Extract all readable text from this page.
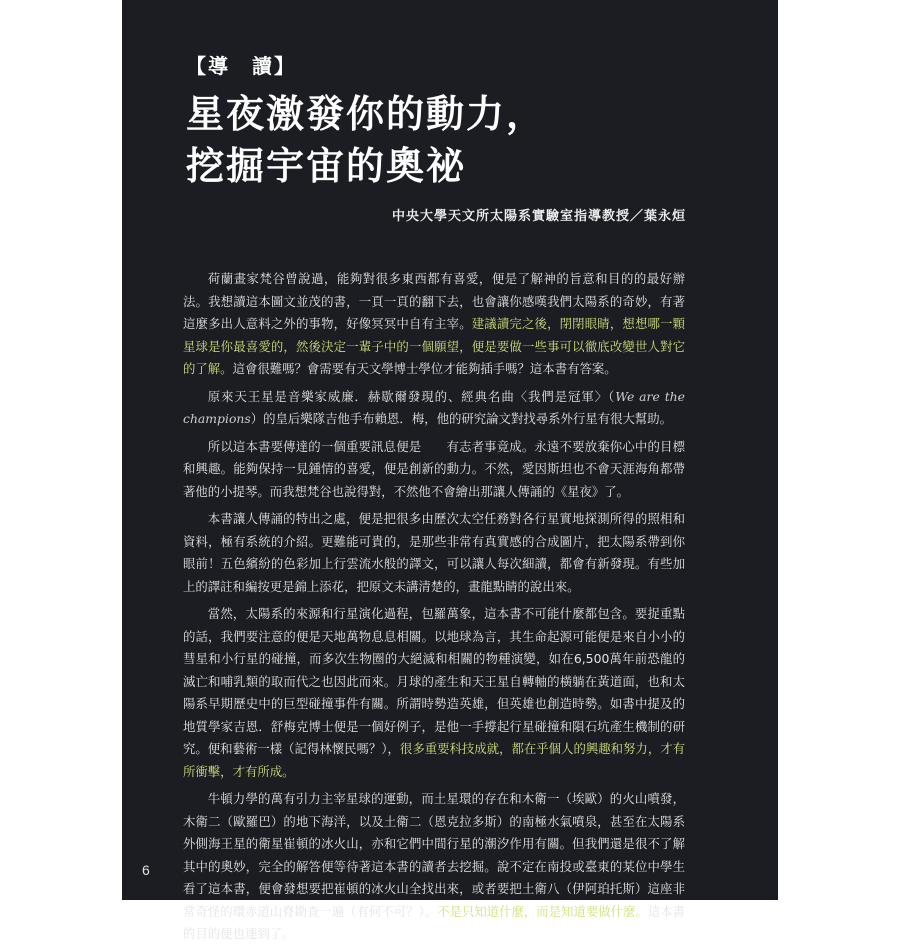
【導　讀】
星夜激發你的動力，
挖掘宇宙的奧祕
中央大學天文所太陽系實驗室指導教授／葉永烜

荷蘭畫家梵谷曾說過，能夠對很多東西都有喜愛，便是了解神的旨意和目的的最好辦法。我想讀這本圖文並茂的書，一頁一頁的翻下去，也會讓你感嘆我們太陽系的奇妙，有著這麼多出人意料之外的事物，好像冥冥中自有主宰。建議讀完之後，閉閉眼睛，想想哪一顆星球是你最喜愛的，然後決定一輩子中的一個願望，便是要做一些事可以徹底改變世人對它的了解。這會很難嗎？會需要有天文學博士學位才能夠插手嗎？這本書有答案。

原來天王星是音樂家威廉．赫歇爾發現的、經典名曲〈我們是冠軍〉（We are the champions）的皇后樂隊吉他手布賴恩．梅，他的研究論文對找尋系外行星有很大幫助。

所以這本書要傳達的一個重要訊息便是　　有志者事竟成。永遠不要放棄你心中的目標和興趣。能夠保持一見鍾情的喜愛，便是創新的動力。不然，愛因斯坦也不會天涯海角都帶著他的小提琴。而我想梵谷也說得對，不然他不會繪出那讓人傳誦的《星夜》了。

本書讓人傳誦的特出之處，便是把很多由歷次太空任務對各行星實地探測所得的照相和資料，極有系統的介紹。更難能可貴的，是那些非常有真實感的合成圖片，把太陽系帶到你眼前！五色繽紛的色彩加上行雲流水般的譯文，可以讓人每次細讀，都會有新發現。有些加上的譯註和編按更是錦上添花，把原文未講清楚的，畫龍點睛的說出來。

當然，太陽系的來源和行星演化過程，包羅萬象，這本書不可能什麼都包含。要捉重點的話，我們要注意的便是天地萬物息息相關。以地球為言，其生命起源可能便是來自小小的彗星和小行星的碰撞，而多次生物圈的大絕滅和相關的物種演變，如在6,500萬年前恐龍的滅亡和哺乳類的取而代之也因此而來。月球的產生和天王星自轉軸的橫躺在黃道面，也和太陽系早期歷史中的巨型碰撞事件有關。所謂時勢造英雄，但英雄也創造時勢。如書中提及的地質學家吉恩．舒梅克博士便是一個好例子，是他一手撐起行星碰撞和隕石坑產生機制的研究。便和藝術一樣（記得林懷民嗎？），很多重要科技成就，都在乎個人的興趣和努力，才有所衝擊，才有所成。

牛頓力學的萬有引力主宰星球的運動，而土星環的存在和木衛一（埃歐）的火山噴發，木衛二（歐羅巴）的地下海洋，以及土衛二（恩克拉多斯）的南極水氣噴泉，甚至在太陽系外側海王星的衛星崔頓的冰火山，亦和它們中間行星的潮汐作用有關。但我們還是很不了解其中的奧妙，完全的解答便等待著這本書的讀者去挖掘。說不定在南投或臺東的某位中學生看了這本書，便會發想要把崔頓的冰火山全找出來，或者要把土衛八（伊阿珀托斯）這座非常奇怪的環赤道山脊勘查一遍（有何不可？）。不是只知道什麼，而是知道要做什麼。這本書的目的便也達到了。

6
